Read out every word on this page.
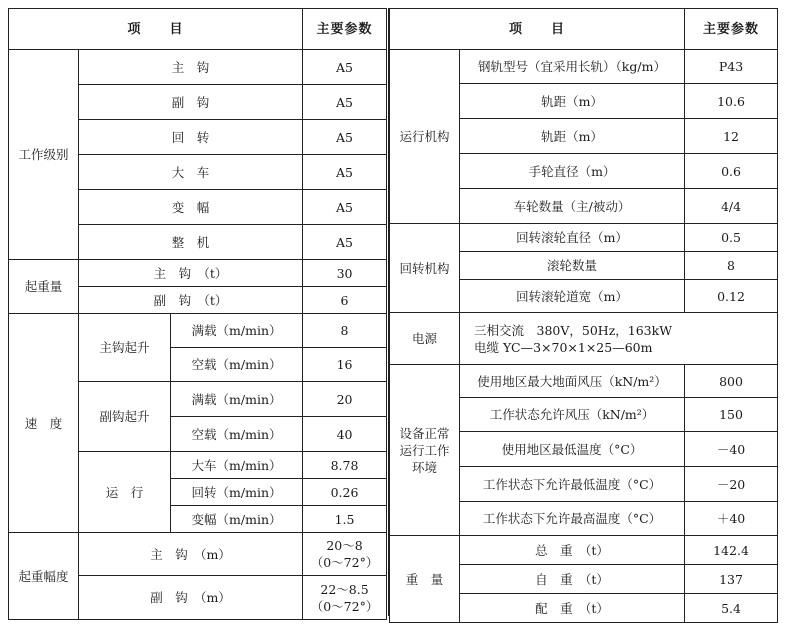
项　　目			主要参数
工作级别	主　钩		A5
	副　钩		A5
	回　转		A5
	大　车		A5
	变　幅		A5
	整　机		A5
起重量	主　钩　（t）		30
	副　钩　（t）		6
速　度	主钩起升	满载（m/min）	8
		空载（m/min）	16
	副钩起升	满载（m/min）	20
		空载（m/min）	40
	运　行	大车（m/min）	8.78
		回转（m/min）	0.26
		变幅（m/min）	1.5
起重幅度	主　钩　（m）		20～8
（0～72°）

	副　钩　（m）		22～8.5
（0～72°）
项　　目		主要参数
运行机构	钢轨型号（宜采用长轨）（kg/m）	P43
	轨距（m）	10.6
	轨距（m）	12
	手轮直径（m）	0.6
	车轮数量（主/被动）	4/4
回转机构	回转滚轮直径（m）	0.5
	滚轮数量	8
	回转滚轮道宽（m）	0.12
电源	三相交流　380V，50Hz，163kW
电缆 YC—3×70×1×25—60m	

设备正常运行工作环境	使用地区最大地面风压（kN/m²）	800
	工作状态允许风压（kN/m²）	150
	使用地区最低温度（°C）	－40
	工作状态下允许最低温度（°C）	－20
	工作状态下允许最高温度（°C）	＋40
重　量	总　重　（t）	142.4
	自　重　（t）	137
	配　重　（t）	5.4
